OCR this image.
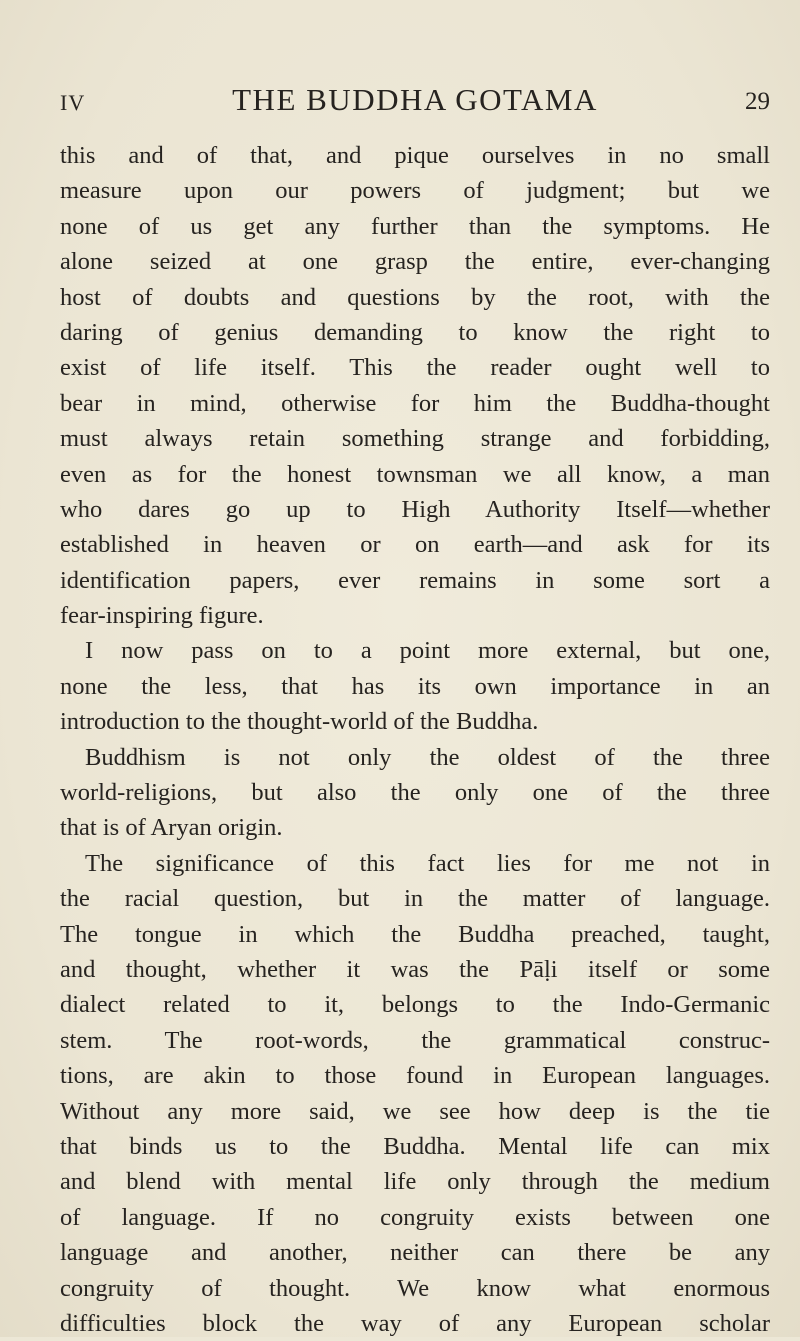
IV	THE BUDDHA GOTAMA	29
this and of that, and pique ourselves in no small
measure upon our powers of judgment; but we
none of us get any further than the symptoms. He
alone seized at one grasp the entire, ever-changing
host of doubts and questions by the root, with the
daring of genius demanding to know the right to
exist of life itself. This the reader ought well to
bear in mind, otherwise for him the Buddha-thought
must always retain something strange and forbidding,
even as for the honest townsman we all know, a man
who dares go up to High Authority Itself—whether
established in heaven or on earth—and ask for its
identification papers, ever remains in some sort a
fear-inspiring figure.
I now pass on to a point more external, but one,
none the less, that has its own importance in an
introduction to the thought-world of the Buddha.
Buddhism is not only the oldest of the three
world-religions, but also the only one of the three
that is of Aryan origin.
The significance of this fact lies for me not in
the racial question, but in the matter of language.
The tongue in which the Buddha preached, taught,
and thought, whether it was the Pāḷi itself or some
dialect related to it, belongs to the Indo-Germanic
stem. The root-words, the grammatical construc-
tions, are akin to those found in European languages.
Without any more said, we see how deep is the tie
that binds us to the Buddha. Mental life can mix
and blend with mental life only through the medium
of language. If no congruity exists between one
language and another, neither can there be any
congruity of thought. We know what enormous
difficulties block the way of any European scholar
